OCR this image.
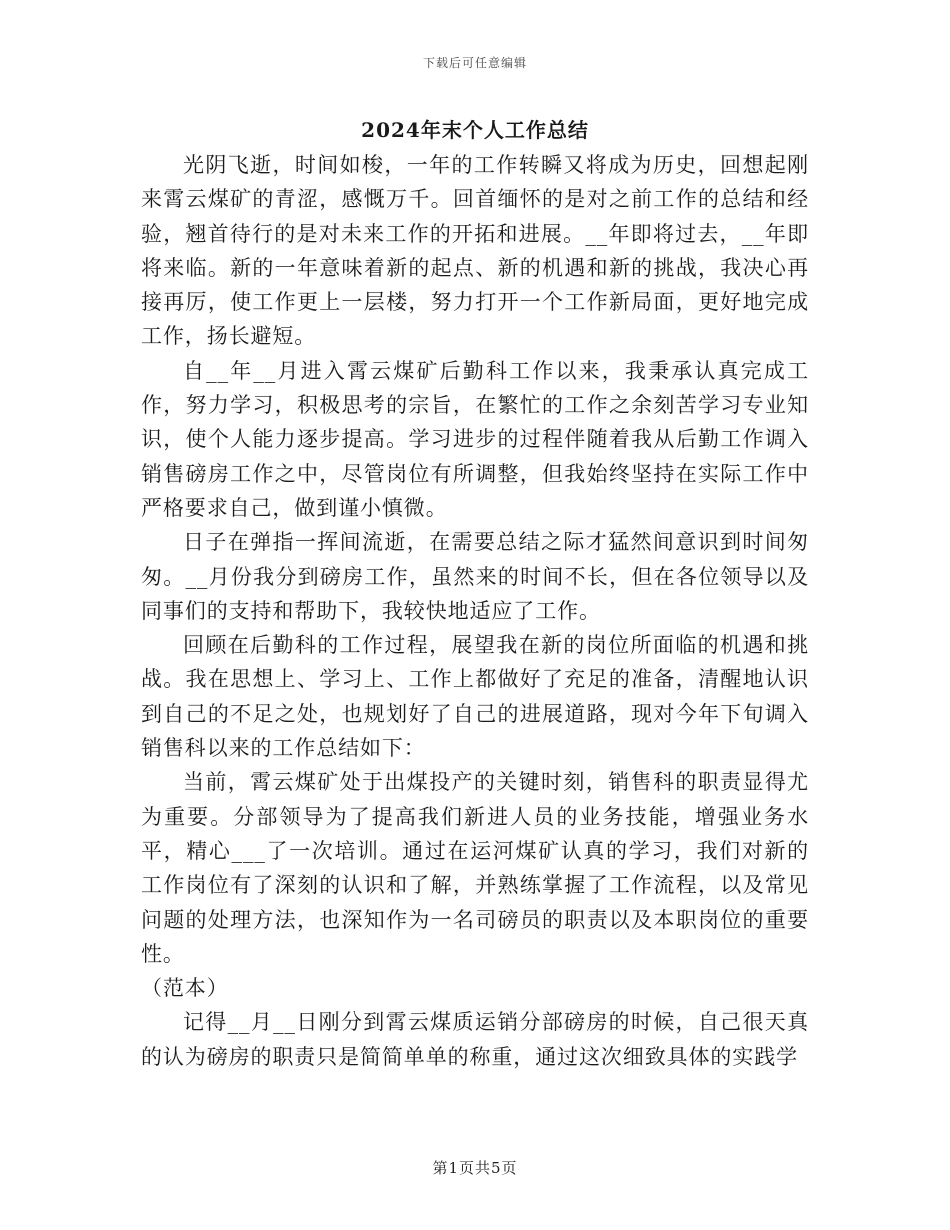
下载后可任意编辑
2024年末个人工作总结

光阴飞逝，时间如梭，一年的工作转瞬又将成为历史，回想起刚来霄云煤矿的青涩，感慨万千。回首缅怀的是对之前工作的总结和经验，翘首待行的是对未来工作的开拓和进展。__年即将过去，__年即将来临。新的一年意味着新的起点、新的机遇和新的挑战，我决心再接再厉，使工作更上一层楼，努力打开一个工作新局面，更好地完成工作，扬长避短。

自__年__月进入霄云煤矿后勤科工作以来，我秉承认真完成工作，努力学习，积极思考的宗旨，在繁忙的工作之余刻苦学习专业知识，使个人能力逐步提高。学习进步的过程伴随着我从后勤工作调入销售磅房工作之中，尽管岗位有所调整，但我始终坚持在实际工作中严格要求自己，做到谨小慎微。

日子在弹指一挥间流逝，在需要总结之际才猛然间意识到时间匆匆。__月份我分到磅房工作，虽然来的时间不长，但在各位领导以及同事们的支持和帮助下，我较快地适应了工作。

回顾在后勤科的工作过程，展望我在新的岗位所面临的机遇和挑战。我在思想上、学习上、工作上都做好了充足的准备，清醒地认识到自己的不足之处，也规划好了自己的进展道路，现对今年下旬调入销售科以来的工作总结如下：

当前，霄云煤矿处于出煤投产的关键时刻，销售科的职责显得尤为重要。分部领导为了提高我们新进人员的业务技能，增强业务水平，精心___了一次培训。通过在运河煤矿认真的学习，我们对新的工作岗位有了深刻的认识和了解，并熟练掌握了工作流程，以及常见问题的处理方法，也深知作为一名司磅员的职责以及本职岗位的重要性。

（范本）

记得__月__日刚分到霄云煤质运销分部磅房的时候，自己很天真的认为磅房的职责只是简简单单的称重，通过这次细致具体的实践学

第1页共5页
